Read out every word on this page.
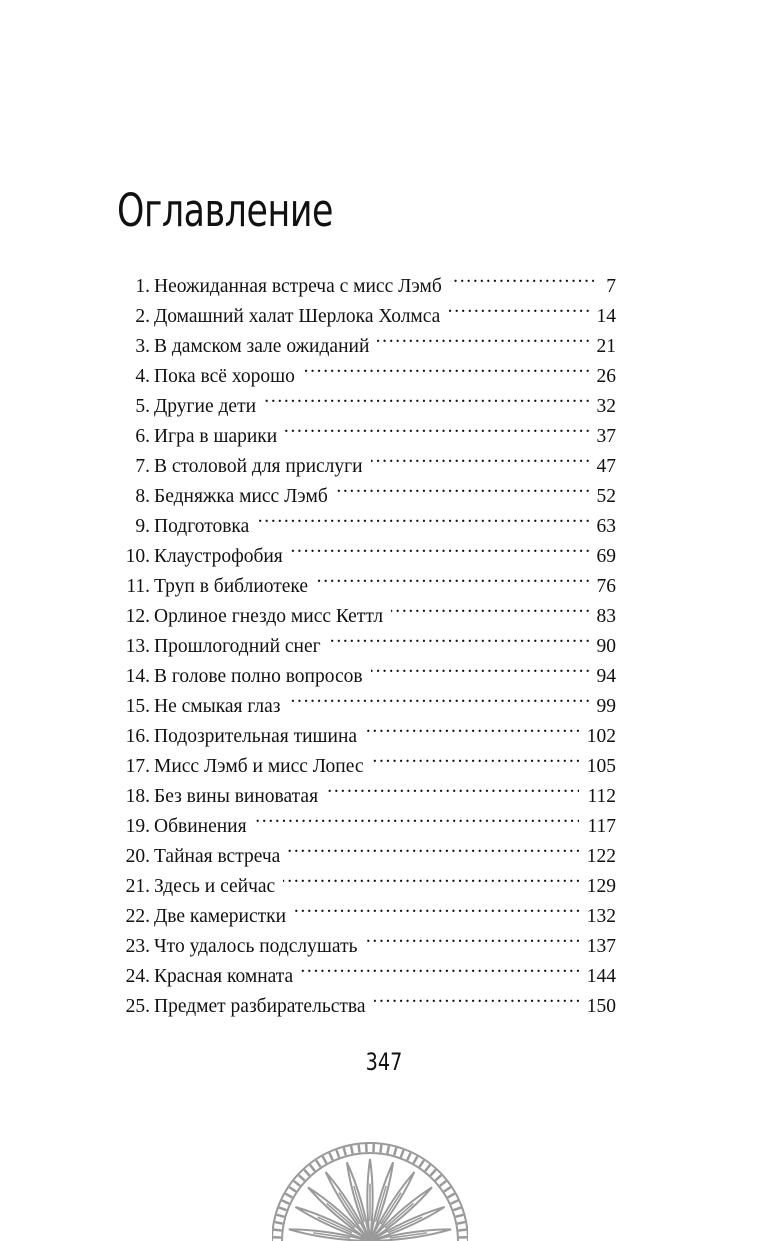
Оглавление
1. Неожиданная встреча с мисс Лэмб . . .	7
2. Домашний халат Шерлока Холмса . . .	14
3. В дамском зале ожиданий . . .	21
4. Пока всё хорошо . . .	26
5. Другие дети . . .	32
6. Игра в шарики . . .	37
7. В столовой для прислуги . . .	47
8. Бедняжка мисс Лэмб . . .	52
9. Подготовка . . .	63
10. Клаустрофобия . . .	69
11. Труп в библиотеке . . .	76
12. Орлиное гнездо мисс Кеттл . . .	83
13. Прошлогодний снег . . .	90
14. В голове полно вопросов . . .	94
15. Не смыкая глаз . . .	99
16. Подозрительная тишина . . .	102
17. Мисс Лэмб и мисс Лопес . . .	105
18. Без вины виноватая . . .	112
19. Обвинения . . .	117
20. Тайная встреча . . .	122
21. Здесь и сейчас . . .	129
22. Две камеристки . . .	132
23. Что удалось подслушать . . .	137
24. Красная комната . . .	144
25. Предмет разбирательства . . .	150
347
